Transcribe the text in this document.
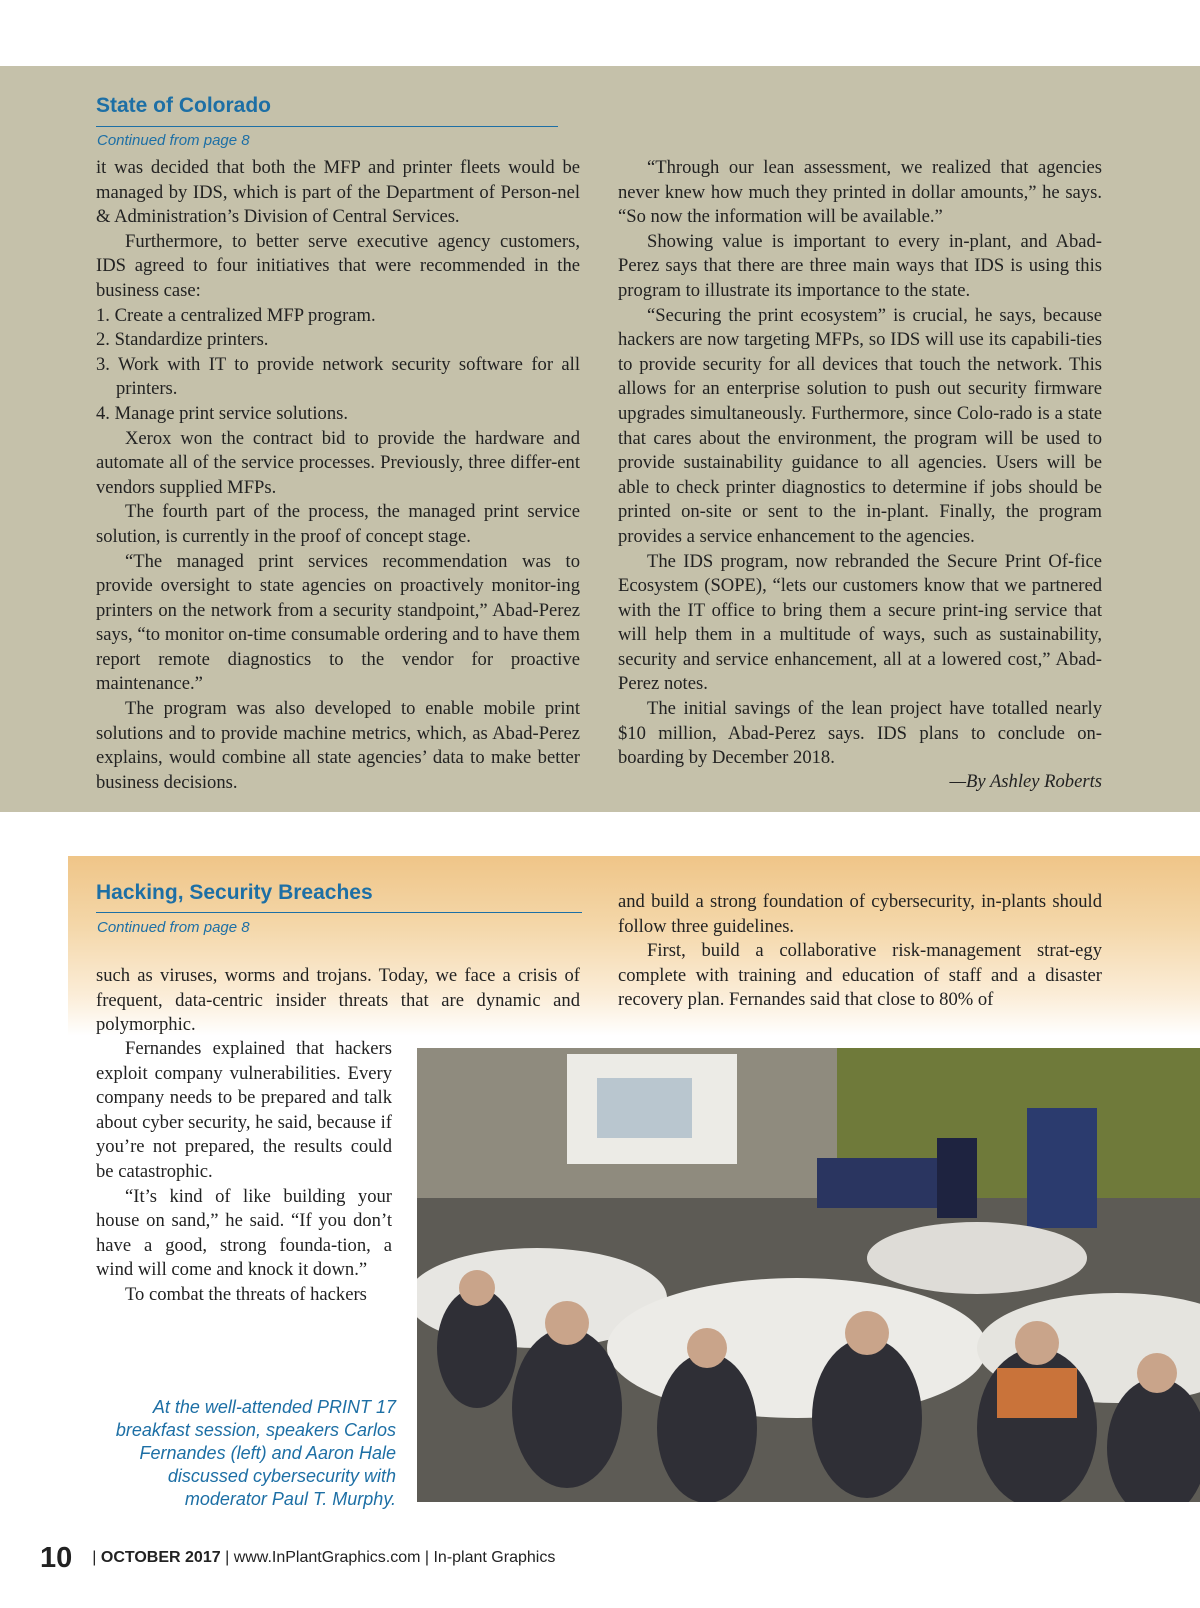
State of Colorado

Continued from page 8

it was decided that both the MFP and printer fleets would be managed by IDS, which is part of the Department of Person-nel & Administration’s Division of Central Services.

Furthermore, to better serve executive agency customers, IDS agreed to four initiatives that were recommended in the business case:

1. Create a centralized MFP program.

2. Standardize printers.

3. Work with IT to provide network security software for all printers.

4. Manage print service solutions.

Xerox won the contract bid to provide the hardware and automate all of the service processes. Previously, three differ-ent vendors supplied MFPs.

The fourth part of the process, the managed print service solution, is currently in the proof of concept stage.

“The managed print services recommendation was to provide oversight to state agencies on proactively monitor-ing printers on the network from a security standpoint,” Abad-Perez says, “to monitor on-time consumable ordering and to have them report remote diagnostics to the vendor for proactive maintenance.”

The program was also developed to enable mobile print solutions and to provide machine metrics, which, as Abad-Perez explains, would combine all state agencies’ data to make better business decisions.

“Through our lean assessment, we realized that agencies never knew how much they printed in dollar amounts,” he says. “So now the information will be available.”

Showing value is important to every in-plant, and Abad-Perez says that there are three main ways that IDS is using this program to illustrate its importance to the state.

“Securing the print ecosystem” is crucial, he says, because hackers are now targeting MFPs, so IDS will use its capabili-ties to provide security for all devices that touch the network. This allows for an enterprise solution to push out security firmware upgrades simultaneously. Furthermore, since Colo-rado is a state that cares about the environment, the program will be used to provide sustainability guidance to all agencies. Users will be able to check printer diagnostics to determine if jobs should be printed on-site or sent to the in-plant. Finally, the program provides a service enhancement to the agencies.

The IDS program, now rebranded the Secure Print Of-fice Ecosystem (SOPE), “lets our customers know that we partnered with the IT office to bring them a secure print-ing service that will help them in a multitude of ways, such as sustainability, security and service enhancement, all at a lowered cost,” Abad-Perez notes.

The initial savings of the lean project have totalled nearly $10 million, Abad-Perez says. IDS plans to conclude on-boarding by December 2018.

—By Ashley Roberts
Hacking, Security Breaches

Continued from page 8

such as viruses, worms and trojans. Today, we face a crisis of frequent, data-centric insider threats that are dynamic and polymorphic.

Fernandes explained that hackers exploit company vulnerabilities. Every company needs to be prepared and talk about cyber security, he said, because if you’re not prepared, the results could be catastrophic.

“It’s kind of like building your house on sand,” he said. “If you don’t have a good, strong founda-tion, a wind will come and knock it down.”

To combat the threats of hackers

and build a strong foundation of cybersecurity, in-plants should follow three guidelines.

First, build a collaborative risk-management strat-egy complete with training and education of staff and a disaster recovery plan. Fernandes said that close to 80% of

At the well-attended PRINT 17 breakfast session, speakers Carlos Fernandes (left) and Aaron Hale discussed cybersecurity with moderator Paul T. Murphy.

10 | OCTOBER 2017 | www.InPlantGraphics.com | In-plant Graphics
